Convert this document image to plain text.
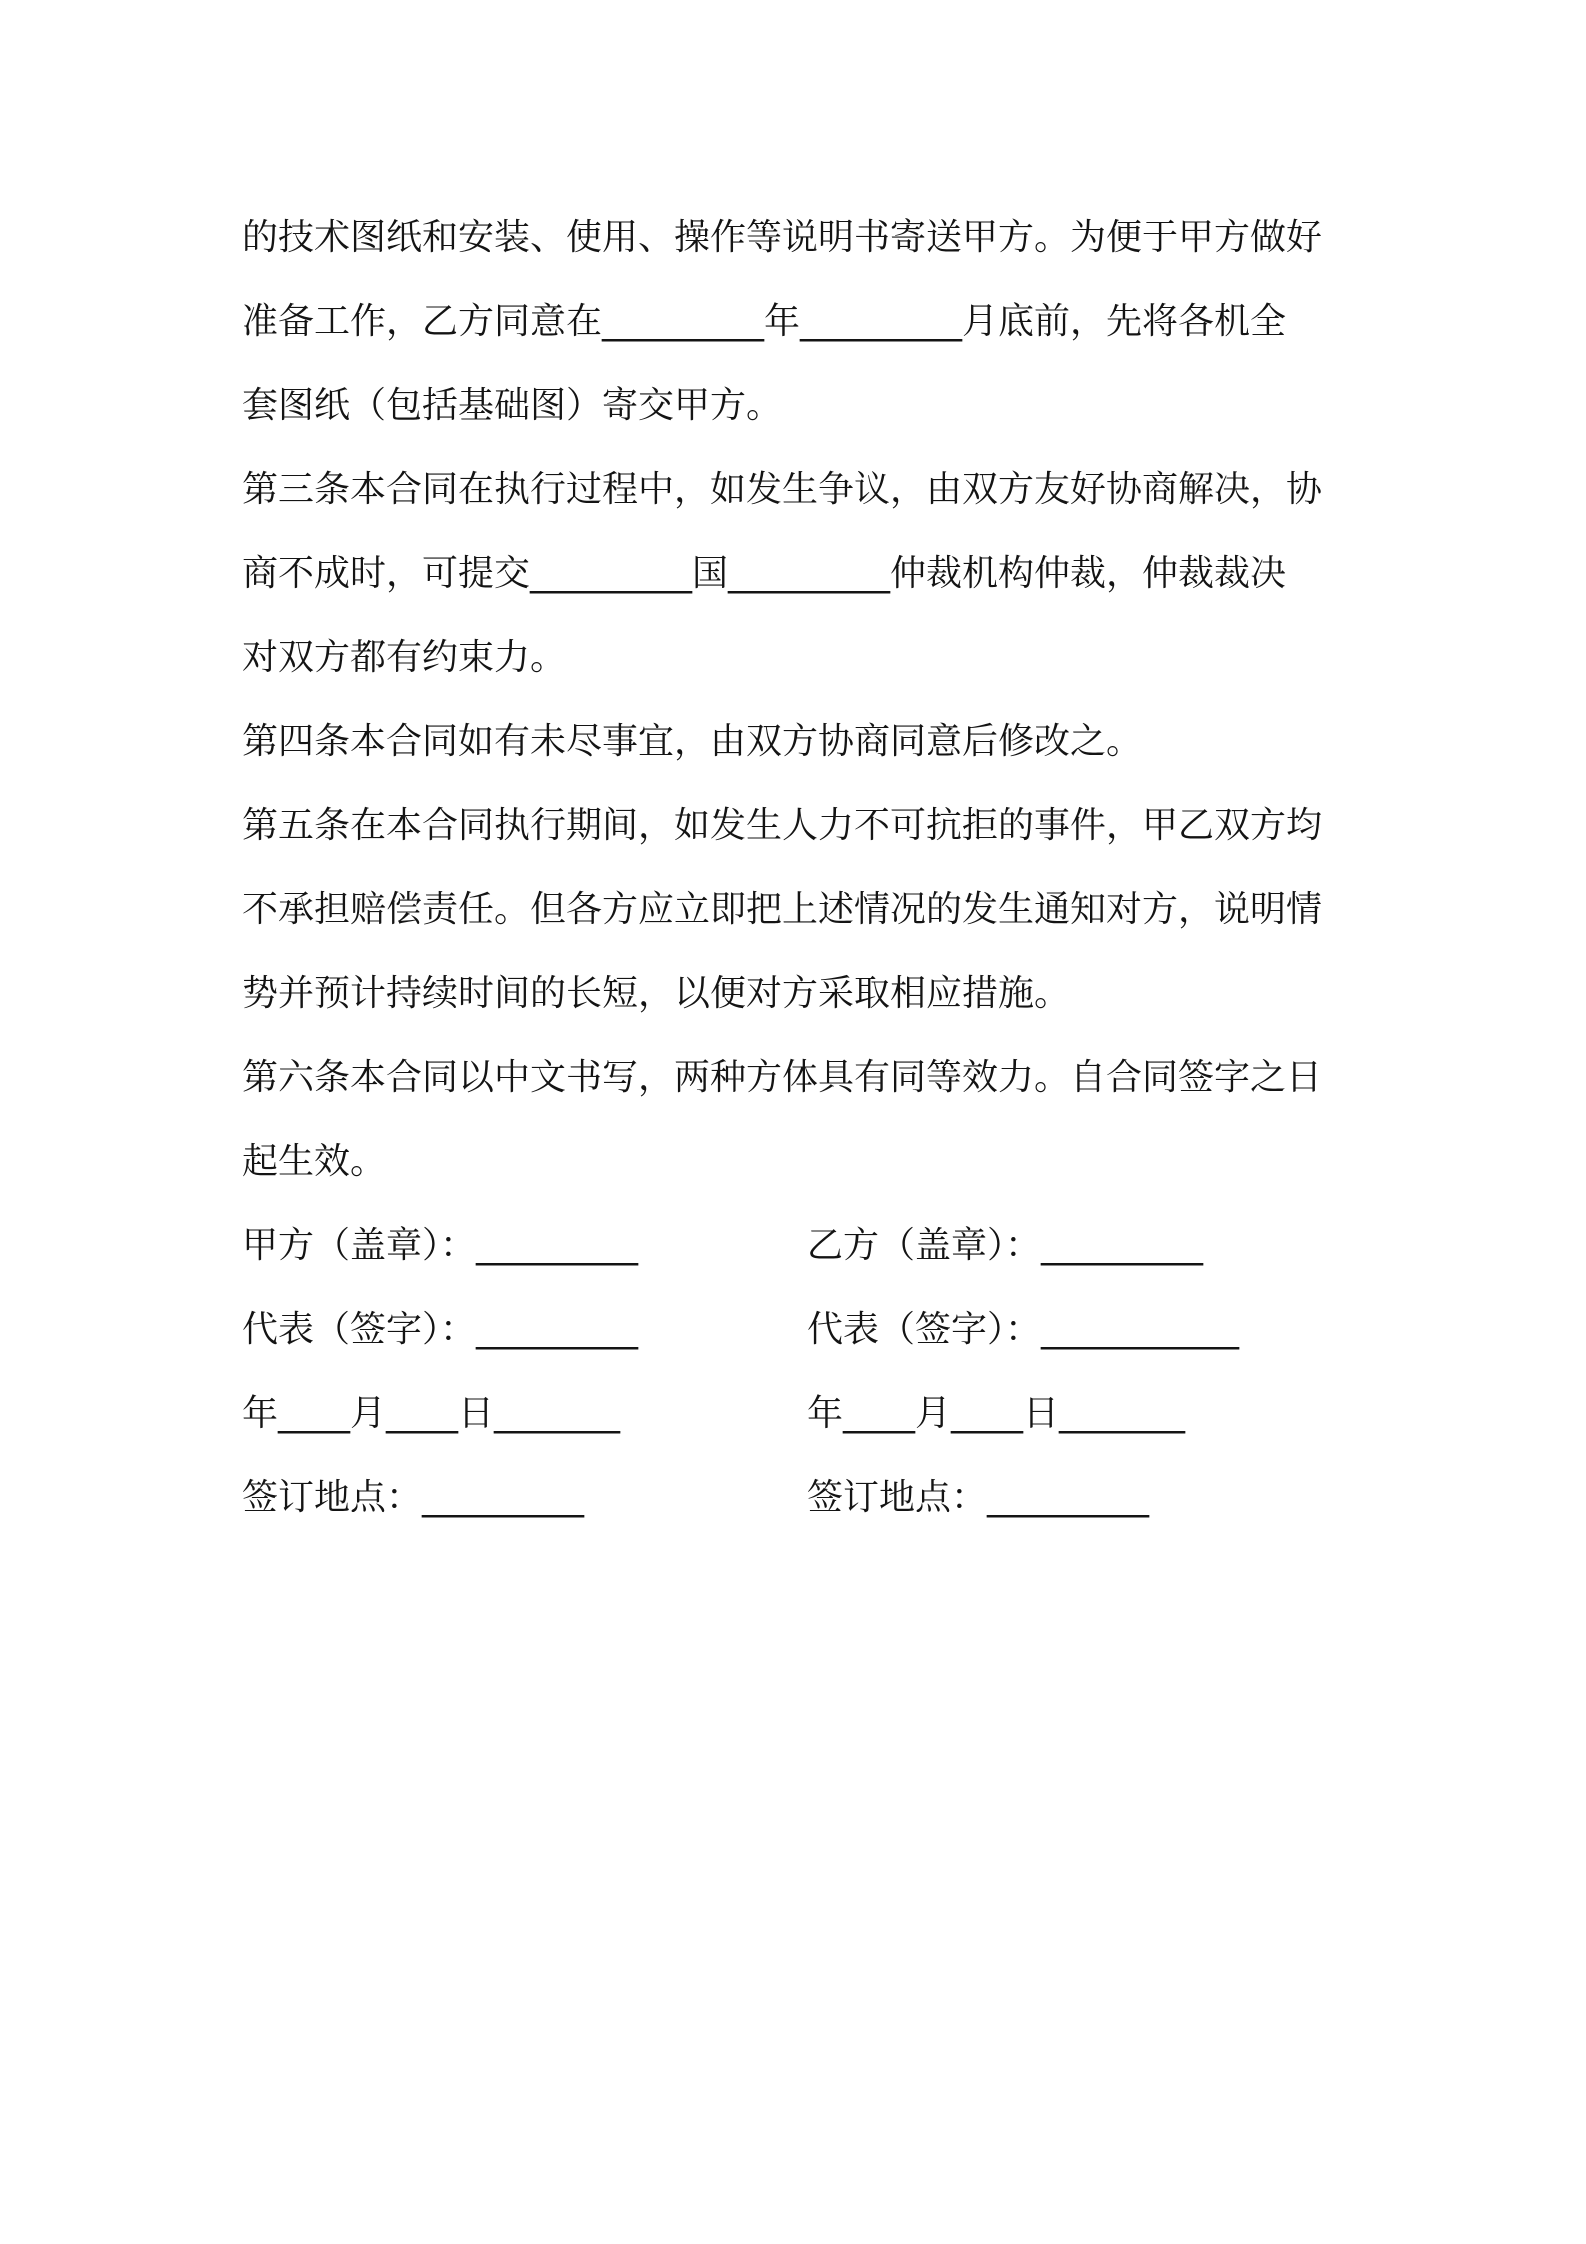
的技术图纸和安装、使用、操作等说明书寄送甲方。为便于甲方做好
准备工作，乙方同意在_________年_________月底前，先将各机全
套图纸（包括基础图）寄交甲方。
第三条本合同在执行过程中，如发生争议，由双方友好协商解决，协
商不成时，可提交_________国_________仲裁机构仲裁，仲裁裁决
对双方都有约束力。
第四条本合同如有未尽事宜，由双方协商同意后修改之。
第五条在本合同执行期间，如发生人力不可抗拒的事件，甲乙双方均
不承担赔偿责任。但各方应立即把上述情况的发生通知对方，说明情
势并预计持续时间的长短，以便对方采取相应措施。
第六条本合同以中文书写，两种方体具有同等效力。自合同签字之日
起生效。
甲方（盖章）：_________	乙方（盖章）：_________
代表（签字）：_________	代表（签字）：___________
年____月____日_______	年____月____日_______
签订地点：_________	签订地点：_________
